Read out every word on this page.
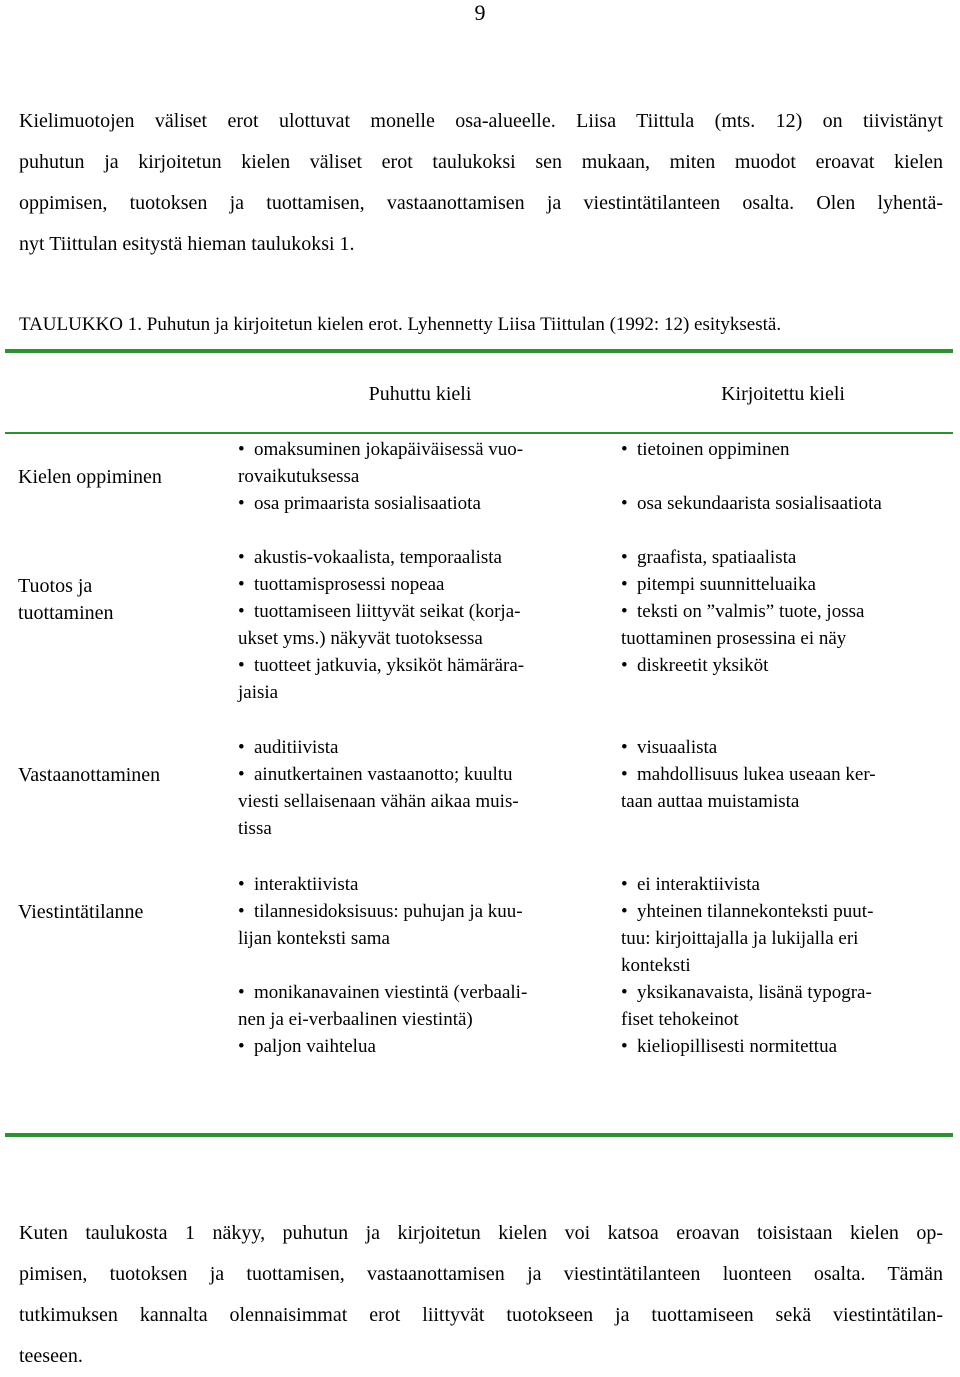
9
Kielimuotojen väliset erot ulottuvat monelle osa-alueelle. Liisa Tiittula (mts. 12) on tiivistänyt
puhutun ja kirjoitetun kielen väliset erot taulukoksi sen mukaan, miten muodot eroavat kielen
oppimisen, tuotoksen ja tuottamisen, vastaanottamisen ja viestintätilanteen osalta. Olen lyhentä-
nyt Tiittulan esitystä hieman taulukoksi 1.
TAULUKKO 1. Puhutun ja kirjoitetun kielen erot. Lyhennetty Liisa Tiittulan (1992: 12) esityksestä.
Puhuttu kieli	Kirjoitettu kieli
Kielen oppiminen
Tuotos ja
tuottaminen
Vastaanottaminen
Viestintätilanne
• omaksuminen jokapäiväisessä vuo-
rovaikutuksessa
• osa primaarista sosialisaatiota
• tietoinen oppiminen
• osa sekundaarista sosialisaatiota
• akustis-vokaalista, temporaalista
• tuottamisprosessi nopeaa
• tuottamiseen liittyvät seikat (korja-
ukset yms.) näkyvät tuotoksessa
• tuotteet jatkuvia, yksiköt hämärära-
jaisia
• graafista, spatiaalista
• pitempi suunnitteluaika
• teksti on ”valmis” tuote, jossa
tuottaminen prosessina ei näy
• diskreetit yksiköt
• auditiivista
• ainutkertainen vastaanotto; kuultu
viesti sellaisenaan vähän aikaa muis-
tissa
• visuaalista
• mahdollisuus lukea useaan ker-
taan auttaa muistamista
• interaktiivista
• tilannesidoksisuus: puhujan ja kuu-
lijan konteksti sama
• monikanavainen viestintä (verbaali-
nen ja ei-verbaalinen viestintä)
• paljon vaihtelua
• ei interaktiivista
• yhteinen tilannekonteksti puut-
tuu: kirjoittajalla ja lukijalla eri
konteksti
• yksikanavaista, lisänä typogra-
fiset tehokeinot
• kieliopillisesti normitettua
Kuten taulukosta 1 näkyy, puhutun ja kirjoitetun kielen voi katsoa eroavan toisistaan kielen op-
pimisen, tuotoksen ja tuottamisen, vastaanottamisen ja viestintätilanteen luonteen osalta. Tämän
tutkimuksen kannalta olennaisimmat erot liittyvät tuotokseen ja tuottamiseen sekä viestintätilan-
teeseen.
